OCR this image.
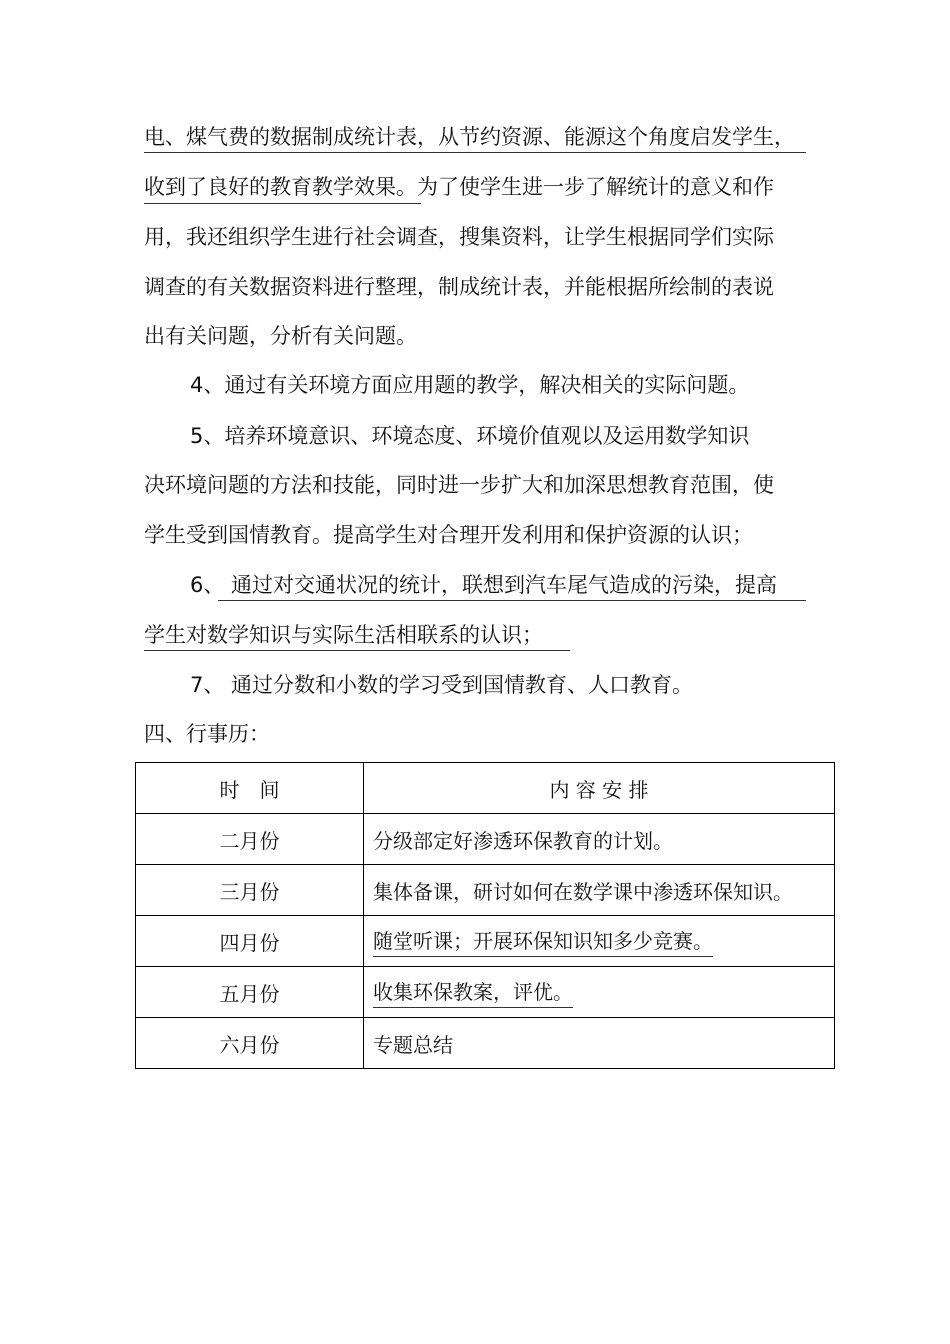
电、煤气费的数据制成统计表，从节约资源、能源这个角度启发学生，
收到了良好的教育教学效果。为了使学生进一步了解统计的意义和作
用，我还组织学生进行社会调查，搜集资料，让学生根据同学们实际
调查的有关数据资料进行整理，制成统计表，并能根据所绘制的表说
出有关问题，分析有关问题。
4、通过有关环境方面应用题的教学，解决相关的实际问题。
5、培养环境意识、环境态度、环境价值观以及运用数学知识
决环境问题的方法和技能，同时进一步扩大和加深思想教育范围，使
学生受到国情教育。提高学生对合理开发利用和保护资源的认识；
6、 通过对交通状况的统计，联想到汽车尾气造成的污染，提高
学生对数学知识与实际生活相联系的认识；
7、 通过分数和小数的学习受到国情教育、人口教育。
四、行事历：
时　间	内 容 安 排
二月份	分级部定好渗透环保教育的计划。
三月份	集体备课，研讨如何在数学课中渗透环保知识。
四月份	随堂听课；开展环保知识知多少竞赛。
五月份	收集环保教案，评优。
六月份	专题总结
